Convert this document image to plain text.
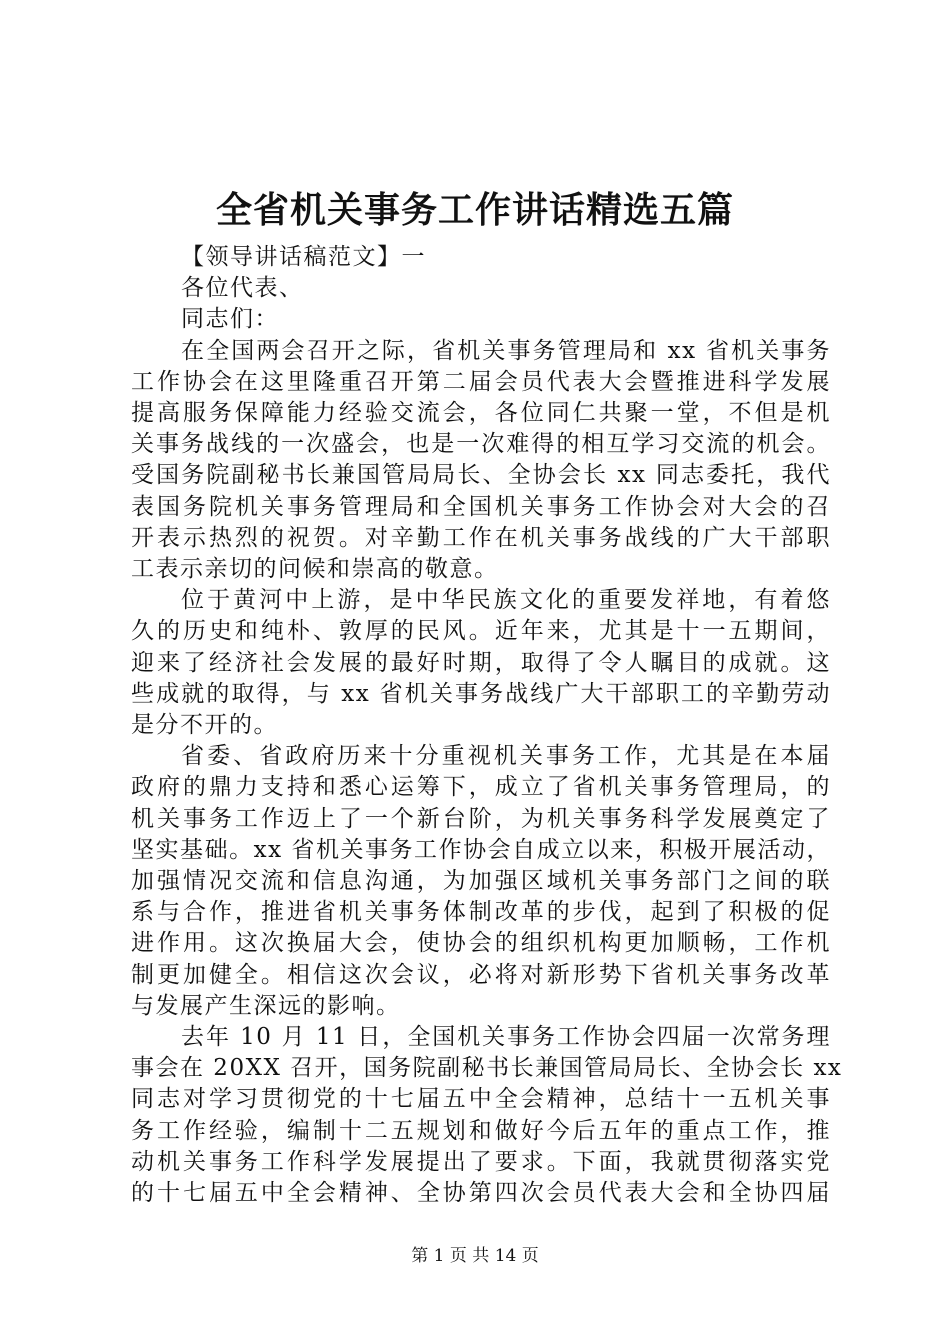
全省机关事务工作讲话精选五篇

【领导讲话稿范文】一

各位代表、

同志们：

在全国两会召开之际，省机关事务管理局和 xx 省机关事务

工作协会在这里隆重召开第二届会员代表大会暨推进科学发展

提高服务保障能力经验交流会，各位同仁共聚一堂，不但是机

关事务战线的一次盛会，也是一次难得的相互学习交流的机会。

受国务院副秘书长兼国管局局长、全协会长 xx 同志委托，我代

表国务院机关事务管理局和全国机关事务工作协会对大会的召

开表示热烈的祝贺。对辛勤工作在机关事务战线的广大干部职

工表示亲切的问候和崇高的敬意。

位于黄河中上游，是中华民族文化的重要发祥地，有着悠

久的历史和纯朴、敦厚的民风。近年来，尤其是十一五期间，

迎来了经济社会发展的最好时期，取得了令人瞩目的成就。这

些成就的取得，与 xx 省机关事务战线广大干部职工的辛勤劳动

是分不开的。

省委、省政府历来十分重视机关事务工作，尤其是在本届

政府的鼎力支持和悉心运筹下，成立了省机关事务管理局，的

机关事务工作迈上了一个新台阶，为机关事务科学发展奠定了

坚实基础。xx 省机关事务工作协会自成立以来，积极开展活动，

加强情况交流和信息沟通，为加强区域机关事务部门之间的联

系与合作，推进省机关事务体制改革的步伐，起到了积极的促

进作用。这次换届大会，使协会的组织机构更加顺畅，工作机

制更加健全。相信这次会议，必将对新形势下省机关事务改革

与发展产生深远的影响。

去年 10 月 11 日，全国机关事务工作协会四届一次常务理

事会在 20XX 召开，国务院副秘书长兼国管局局长、全协会长 xx

同志对学习贯彻党的十七届五中全会精神，总结十一五机关事

务工作经验，编制十二五规划和做好今后五年的重点工作，推

动机关事务工作科学发展提出了要求。下面，我就贯彻落实党

的十七届五中全会精神、全协第四次会员代表大会和全协四届

第 1 页 共 14 页
